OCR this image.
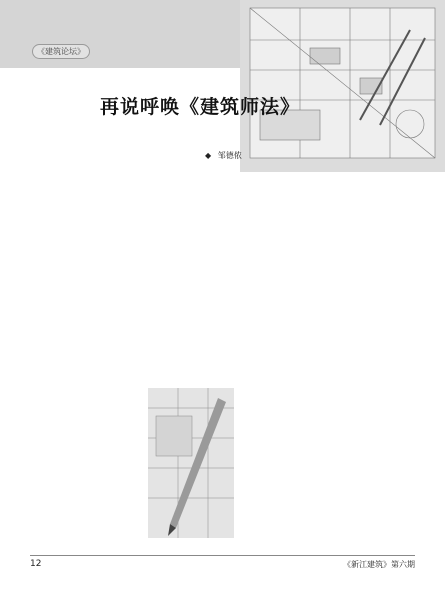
《建筑论坛》
再说呼唤《建筑师法》
◆ 邹德侬
12	《新江建筑》第六期
